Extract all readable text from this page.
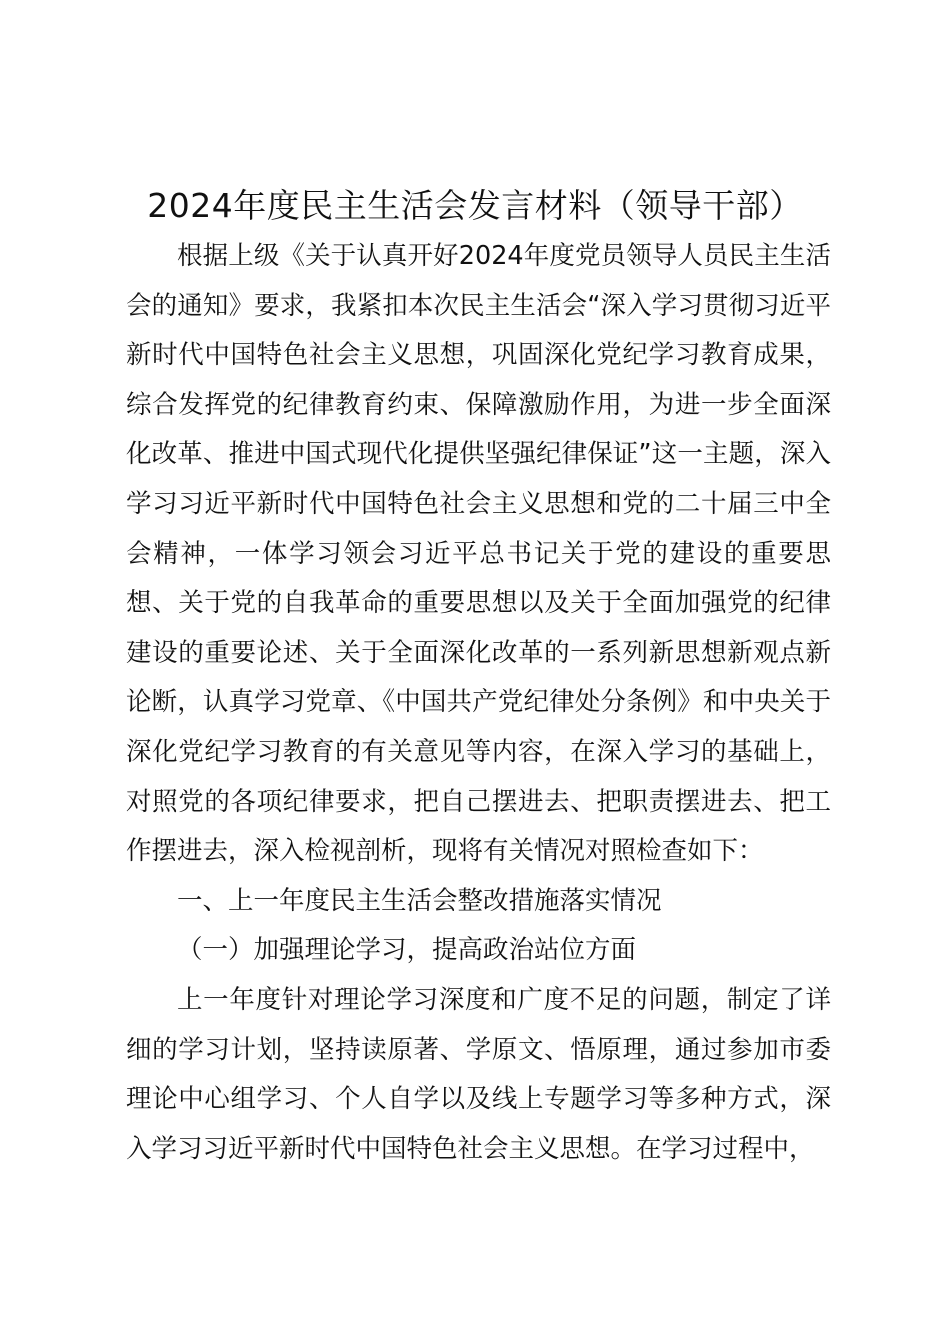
2024年度民主生活会发言材料（领导干部）

根据上级《关于认真开好2024年度党员领导人员民主生活会的通知》要求，我紧扣本次民主生活会“深入学习贯彻习近平新时代中国特色社会主义思想，巩固深化党纪学习教育成果，综合发挥党的纪律教育约束、保障激励作用，为进一步全面深化改革、推进中国式现代化提供坚强纪律保证”这一主题，深入学习习近平新时代中国特色社会主义思想和党的二十届三中全会精神，一体学习领会习近平总书记关于党的建设的重要思想、关于党的自我革命的重要思想以及关于全面加强党的纪律建设的重要论述、关于全面深化改革的一系列新思想新观点新论断，认真学习党章、《中国共产党纪律处分条例》和中央关于深化党纪学习教育的有关意见等内容，在深入学习的基础上，对照党的各项纪律要求，把自己摆进去、把职责摆进去、把工作摆进去，深入检视剖析，现将有关情况对照检查如下：

一、上一年度民主生活会整改措施落实情况

（一）加强理论学习，提高政治站位方面

上一年度针对理论学习深度和广度不足的问题，制定了详细的学习计划，坚持读原著、学原文、悟原理，通过参加市委理论中心组学习、个人自学以及线上专题学习等多种方式，深入学习习近平新时代中国特色社会主义思想。在学习过程中，
